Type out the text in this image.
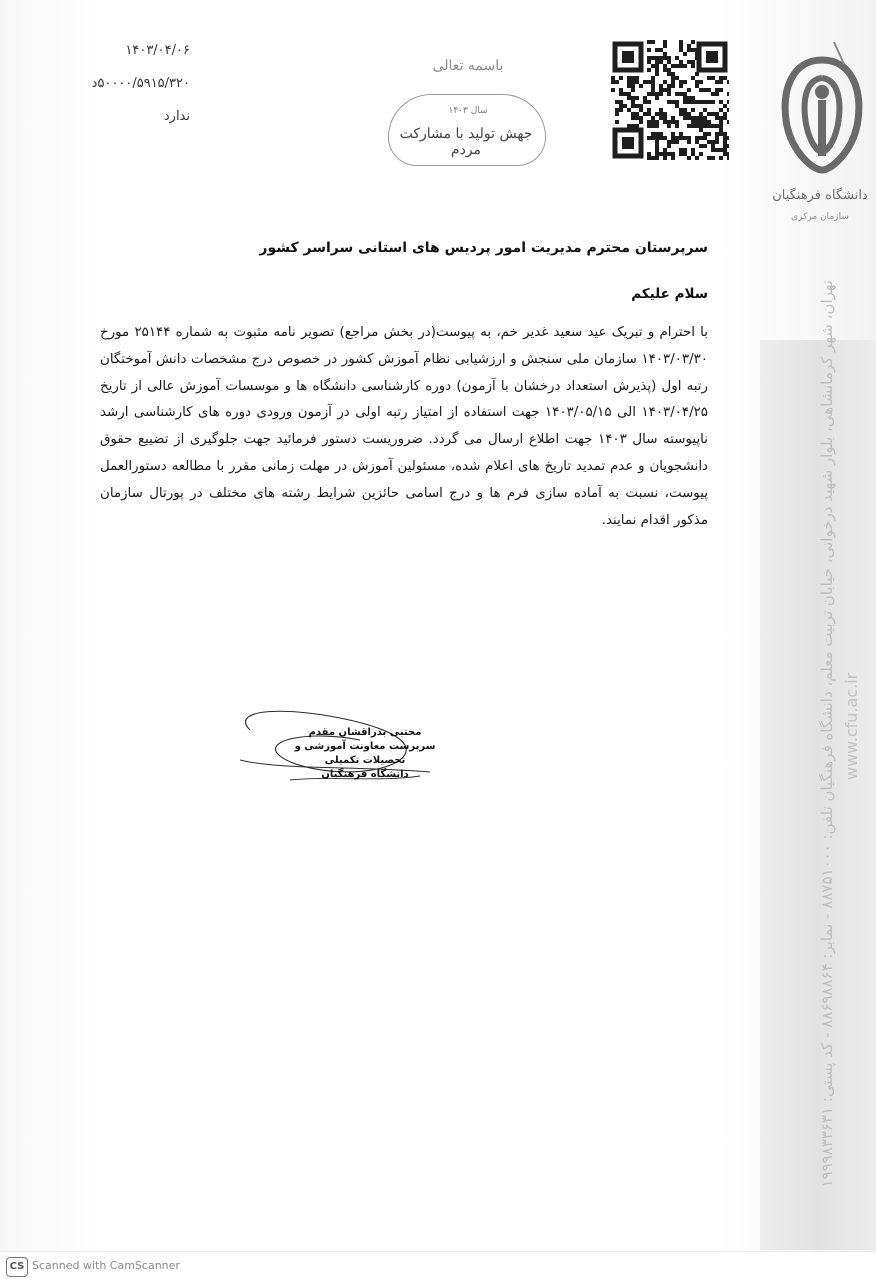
تهران، شهر کرمانشاهی، بلوار شهید درخواتی، خیابان تربیت معلم، دانشگاه فرهنگیان تلفن: ۸۸۷۵۱۰۰۰ - نمابر: ۸۸۶۹۸۸۶۴ - کد پستی: ۱۹۹۹۸۳۳۶۳۱ www.cfu.ac.ir
۱۴۰۳/۰۴/۰۶
۵۰۰۰۰/۵۹۱۵/۳۲۰د
ندارد
باسمه تعالی
سال ۱۴۰۳
جهش تولید با مشارکت مردم
دانشگاه فرهنگیان
سازمان مرکزی
سرپرستان محترم مدیریت امور پردیس های استانی سراسر کشور
سلام علیکم

با احترام و تبریک عید سعید غدیر خم، به پیوست(در بخش مراجع) تصویر نامه مثبوت به شماره ۲۵۱۴۴ مورخ ۱۴۰۳/۰۳/۳۰ سازمان ملی سنجش و ارزشیابی نظام آموزش کشور در خصوص درج مشخصات دانش آموختگان رتبه اول (پذیرش استعداد درخشان با آزمون) دوره کارشناسی دانشگاه ها و موسسات آموزش عالی از تاریخ ۱۴۰۳/۰۴/۲۵ الی ۱۴۰۳/۰۵/۱۵ جهت استفاده از امتیاز رتبه اولی در آزمون ورودی دوره های کارشناسی ارشد ناپیوسته سال ۱۴۰۳ جهت اطلاع ارسال می گردد. ضروریست دستور فرمائید جهت جلوگیری از تضییع حقوق دانشجویان و عدم تمدید تاریخ های اعلام شده، مسئولین آموزش در مهلت زمانی مقرر با مطالعه دستورالعمل پیوست، نسبت به آماده سازی فرم ها و درج اسامی حائزین شرایط رشته های مختلف در پورتال سازمان مذکور اقدام نمایند.

محتبی بدراقشان مقدم
سرپرست معاونت آموزشی و تحصیلات تکمیلی
دانشگاه فرهنگیان
CS Scanned with CamScanner
